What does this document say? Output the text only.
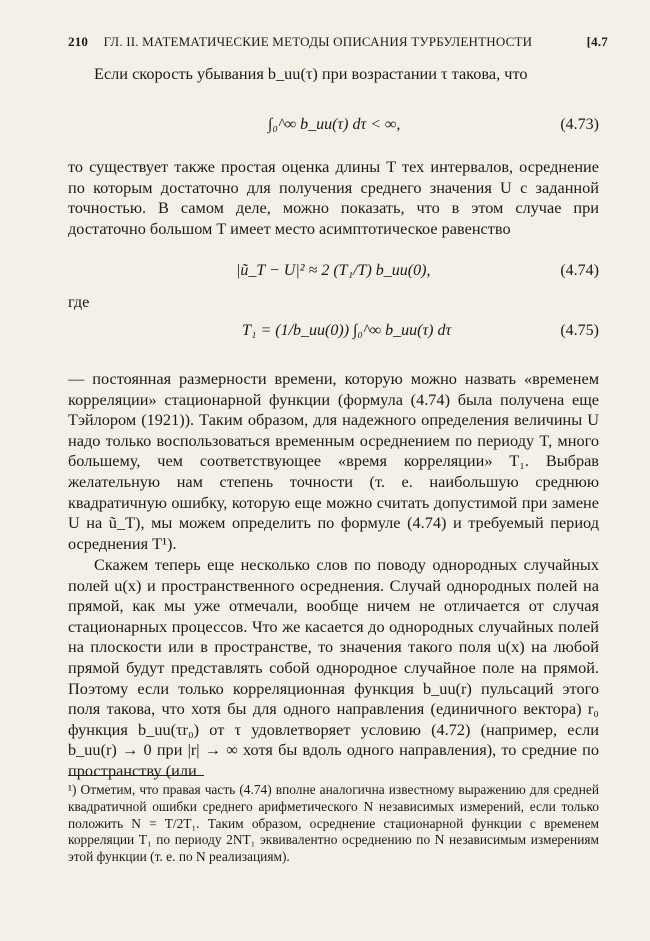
210 ГЛ. II. МАТЕМАТИЧЕСКИЕ МЕТОДЫ ОПИСАНИЯ ТУРБУЛЕНТНОСТИ	[4.7

Если скорость убывания b_uu(τ) при возрастании τ такова, что

∫₀^∞ b_uu(τ) dτ < ∞,	(4.73)

то существует также простая оценка длины T тех интервалов, осреднение по которым достаточно для получения среднего значения U с заданной точностью. В самом деле, можно показать, что в этом случае при достаточно большом T имеет место асимптотическое равенство

|ũ_T − U|² ≈ 2 (T₁/T) b_uu(0),	(4.74)
где
T₁ = (1/b_uu(0)) ∫₀^∞ b_uu(τ) dτ	(4.75)

— постоянная размерности времени, которую можно назвать «временем корреляции» стационарной функции (формула (4.74) была получена еще Тэйлором (1921)). Таким образом, для надежного определения величины U надо только воспользоваться временным осреднением по периоду T, много большему, чем соответствующее «время корреляции» T₁. Выбрав желательную нам степень точности (т. е. наибольшую среднюю квадратичную ошибку, которую еще можно считать допустимой при замене U на ũ_T), мы можем определить по формуле (4.74) и требуемый период осреднения T¹).

Скажем теперь еще несколько слов по поводу однородных случайных полей u(x) и пространственного осреднения. Случай однородных полей на прямой, как мы уже отмечали, вообще ничем не отличается от случая стационарных процессов. Что же касается до однородных случайных полей на плоскости или в пространстве, то значения такого поля u(x) на любой прямой будут представлять собой однородное случайное поле на прямой. Поэтому если только корреляционная функция b_uu(r) пульсаций этого поля такова, что хотя бы для одного направления (единичного вектора) r₀ функция b_uu(τr₀) от τ удовлетворяет условию (4.72) (например, если b_uu(r) → 0 при |r| → ∞ хотя бы вдоль одного направления), то средние по пространству (или

¹) Отметим, что правая часть (4.74) вполне аналогична известному выражению для средней квадратичной ошибки среднего арифметического N независимых измерений, если только положить N = T/2T₁. Таким образом, осреднение стационарной функции с временем корреляции T₁ по периоду 2NT₁ эквивалентно осреднению по N независимым измерениям этой функции (т. е. по N реализациям).
